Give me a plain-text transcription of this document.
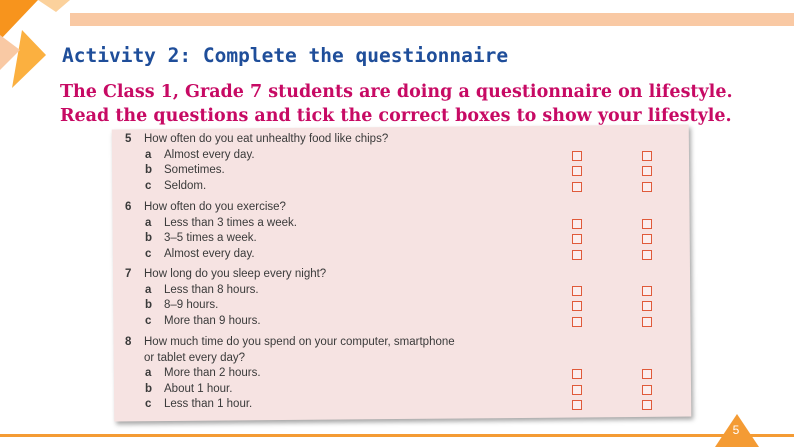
Activity 2: Complete the questionnaire

The Class 1, Grade 7 students are doing a questionnaire on lifestyle. Read the questions and tick the correct boxes to show your lifestyle.

5 How often do you eat unhealthy food like chips?
a Almost every day.
b Sometimes.
c Seldom.
6 How often do you exercise?
a Less than 3 times a week.
b 3–5 times a week.
c Almost every day.
7 How long do you sleep every night?
a Less than 8 hours.
b 8–9 hours.
c More than 9 hours.
8 How much time do you spend on your computer, smartphone
or tablet every day?
a More than 2 hours.
b About 1 hour.
c Less than 1 hour.
5
